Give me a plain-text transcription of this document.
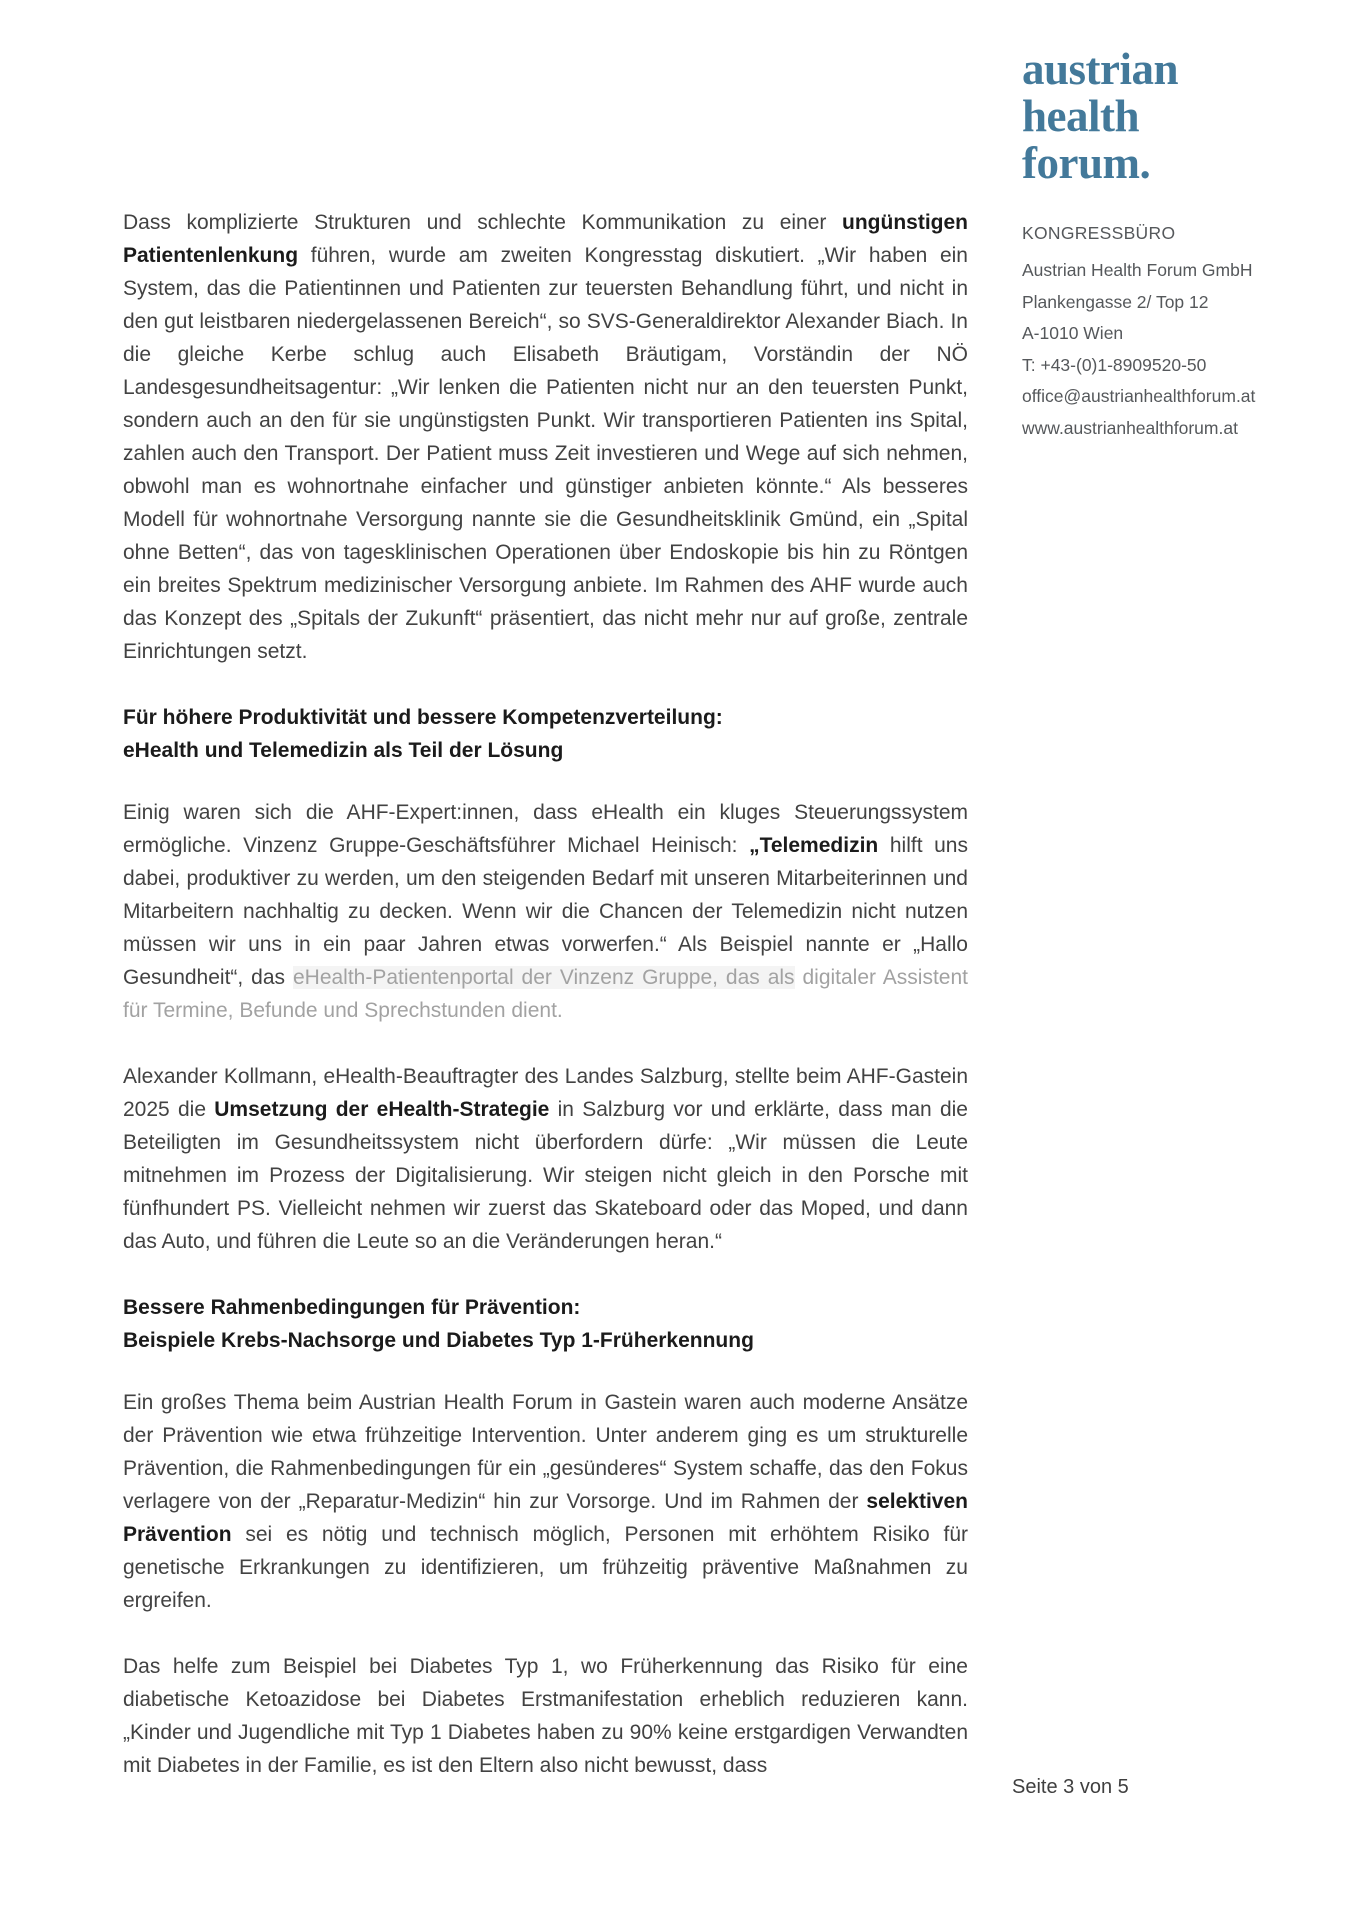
Dass komplizierte Strukturen und schlechte Kommunikation zu einer ungünstigen Patientenlenkung führen, wurde am zweiten Kongresstag diskutiert. „Wir haben ein System, das die Patientinnen und Patienten zur teuersten Behandlung führt, und nicht in den gut leistbaren niedergelassenen Bereich“, so SVS-Generaldirektor Alexander Biach. In die gleiche Kerbe schlug auch Elisabeth Bräutigam, Vorständin der NÖ Landesgesundheitsagentur: „Wir lenken die Patienten nicht nur an den teuersten Punkt, sondern auch an den für sie ungünstigsten Punkt. Wir transportieren Patienten ins Spital, zahlen auch den Transport. Der Patient muss Zeit investieren und Wege auf sich nehmen, obwohl man es wohnortnahe einfacher und günstiger anbieten könnte.“ Als besseres Modell für wohnortnahe Versorgung nannte sie die Gesundheitsklinik Gmünd, ein „Spital ohne Betten“, das von tagesklinischen Operationen über Endoskopie bis hin zu Röntgen ein breites Spektrum medizinischer Versorgung anbiete. Im Rahmen des AHF wurde auch das Konzept des „Spitals der Zukunft“ präsentiert, das nicht mehr nur auf große, zentrale Einrichtungen setzt.

Für höhere Produktivität und bessere Kompetenzverteilung:
eHealth und Telemedizin als Teil der Lösung

Einig waren sich die AHF-Expert:innen, dass eHealth ein kluges Steuerungssystem ermögliche. Vinzenz Gruppe-Geschäftsführer Michael Heinisch: „Telemedizin hilft uns dabei, produktiver zu werden, um den steigenden Bedarf mit unseren Mitarbeiterinnen und Mitarbeitern nachhaltig zu decken. Wenn wir die Chancen der Telemedizin nicht nutzen müssen wir uns in ein paar Jahren etwas vorwerfen.“ Als Beispiel nannte er „Hallo Gesundheit“, das eHealth-Patientenportal der Vinzenz Gruppe, das als digitaler Assistent für Termine, Befunde und Sprechstunden dient.

Alexander Kollmann, eHealth-Beauftragter des Landes Salzburg, stellte beim AHF-Gastein 2025 die Umsetzung der eHealth-Strategie in Salzburg vor und erklärte, dass man die Beteiligten im Gesundheitssystem nicht überfordern dürfe: „Wir müssen die Leute mitnehmen im Prozess der Digitalisierung. Wir steigen nicht gleich in den Porsche mit fünfhundert PS. Vielleicht nehmen wir zuerst das Skateboard oder das Moped, und dann das Auto, und führen die Leute so an die Veränderungen heran.“

Bessere Rahmenbedingungen für Prävention:
Beispiele Krebs-Nachsorge und Diabetes Typ 1-Früherkennung

Ein großes Thema beim Austrian Health Forum in Gastein waren auch moderne Ansätze der Prävention wie etwa frühzeitige Intervention. Unter anderem ging es um strukturelle Prävention, die Rahmenbedingungen für ein „gesünderes“ System schaffe, das den Fokus verlagere von der „Reparatur-Medizin“ hin zur Vorsorge. Und im Rahmen der selektiven Prävention sei es nötig und technisch möglich, Personen mit erhöhtem Risiko für genetische Erkrankungen zu identifizieren, um frühzeitig präventive Maßnahmen zu ergreifen.

Das helfe zum Beispiel bei Diabetes Typ 1, wo Früherkennung das Risiko für eine diabetische Ketoazidose bei Diabetes Erstmanifestation erheblich reduzieren kann. „Kinder und Jugendliche mit Typ 1 Diabetes haben zu 90% keine erstgardigen Verwandten mit Diabetes in der Familie, es ist den Eltern also nicht bewusst, dass

austrian
health
forum.
KONGRESSBÜRO
Austrian Health Forum GmbH
Plankengasse 2/ Top 12
A-1010 Wien
T: +43-(0)1-8909520-50
office@austrianhealthforum.at
www.austrianhealthforum.at
Seite 3 von 5
